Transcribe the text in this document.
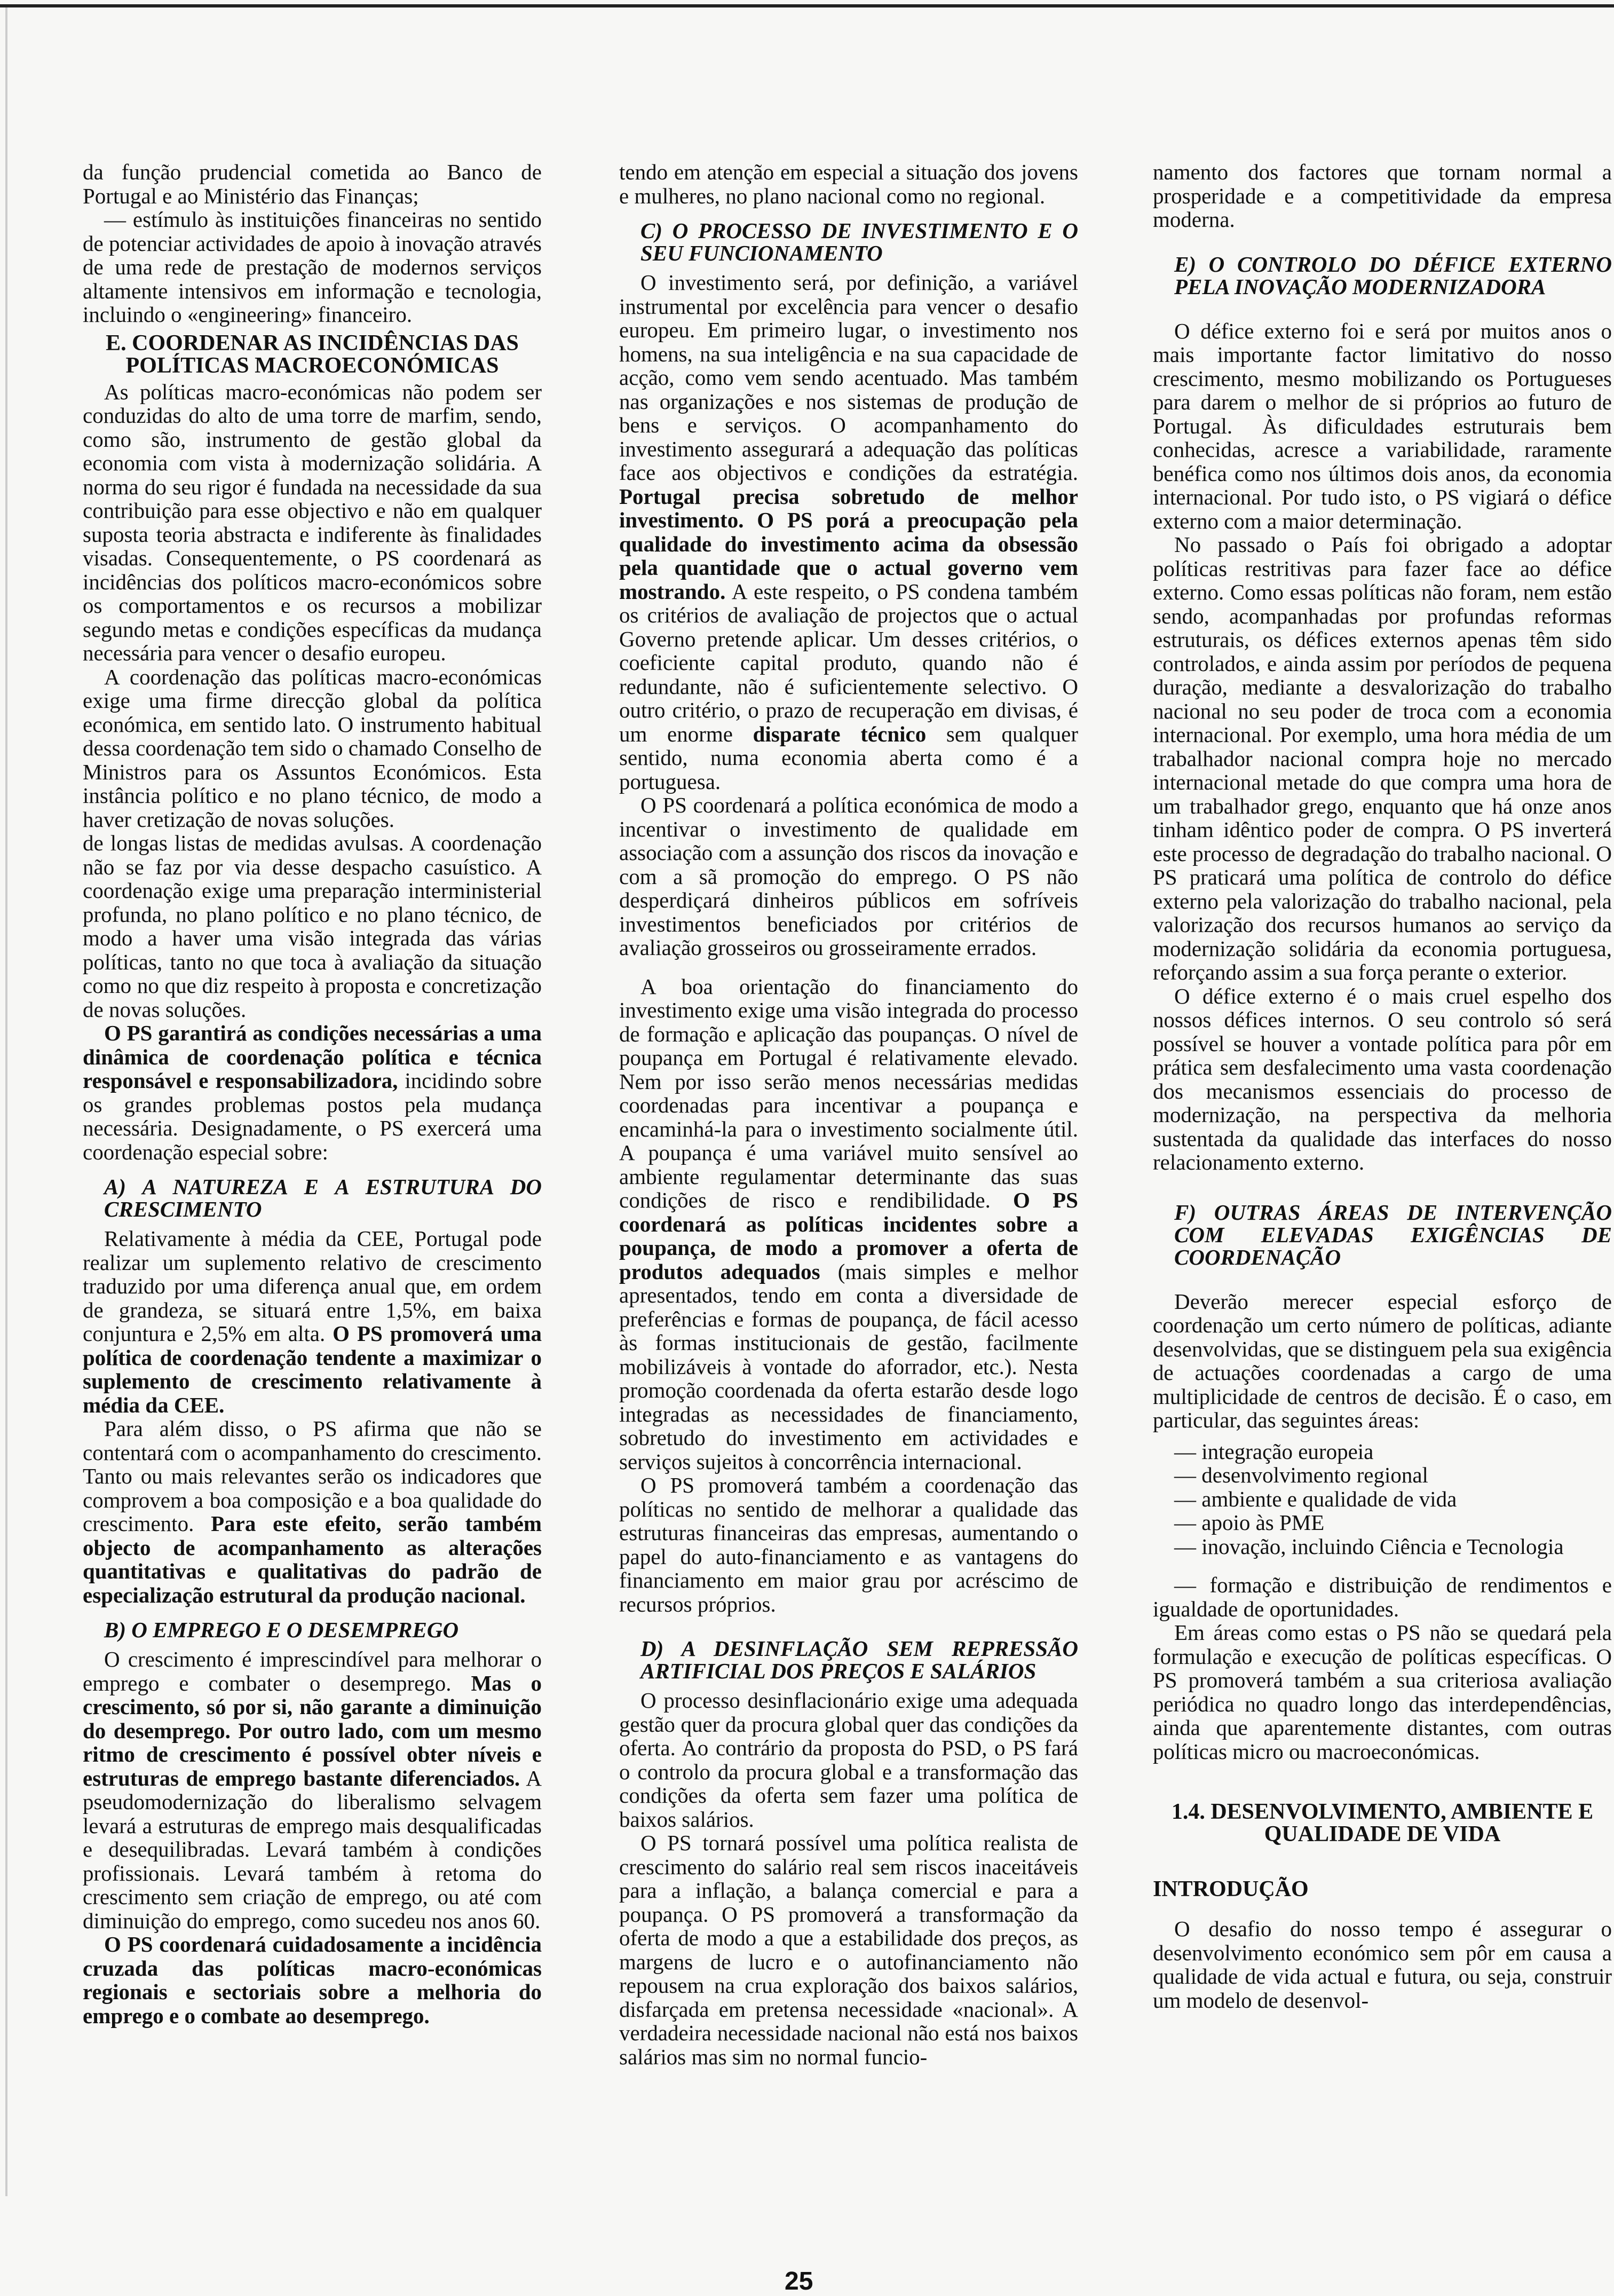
da função prudencial cometida ao Banco de Portugal e ao Ministério das Finanças;

— estímulo às instituições financeiras no sentido de potenciar actividades de apoio à inovação através de uma rede de prestação de modernos serviços altamente intensivos em informação e tecnologia, incluindo o «engineering» financeiro.

E. COORDENAR AS INCIDÊNCIAS DAS POLÍTICAS MACROECONÓMICAS

As políticas macro-económicas não podem ser conduzidas do alto de uma torre de marfim, sendo, como são, instrumento de gestão global da economia com vista à modernização solidária. A norma do seu rigor é fundada na necessidade da sua contribuição para esse objectivo e não em qualquer suposta teoria abstracta e indiferente às finalidades visadas. Consequentemente, o PS coordenará as incidências dos políticos macro-económicos sobre os comportamentos e os recursos a mobilizar segundo metas e condições específicas da mudança necessária para vencer o desafio europeu.

A coordenação das políticas macro-económicas exige uma firme direcção global da política económica, em sentido lato. O instrumento habitual dessa coordenação tem sido o chamado Conselho de Ministros para os Assuntos Económicos. Esta instância político e no plano técnico, de modo a haver cretização de novas soluções.

de longas listas de medidas avulsas. A coordenação não se faz por via desse despacho casuístico. A coordenação exige uma preparação interministerial profunda, no plano político e no plano técnico, de modo a haver uma visão integrada das várias políticas, tanto no que toca à avaliação da situação como no que diz respeito à proposta e concretização de novas soluções.

O PS garantirá as condições necessárias a uma dinâmica de coordenação política e técnica responsável e responsabilizadora, incidindo sobre os grandes problemas postos pela mudança necessária. Designadamente, o PS exercerá uma coordenação especial sobre:

A) A NATUREZA E A ESTRUTURA DO CRESCIMENTO

Relativamente à média da CEE, Portugal pode realizar um suplemento relativo de crescimento traduzido por uma diferença anual que, em ordem de grandeza, se situará entre 1,5%, em baixa conjuntura e 2,5% em alta. O PS promoverá uma política de coordenação tendente a maximizar o suplemento de crescimento relativamente à média da CEE.

Para além disso, o PS afirma que não se contentará com o acompanhamento do crescimento. Tanto ou mais relevantes serão os indicadores que comprovem a boa composição e a boa qualidade do crescimento. Para este efeito, serão também objecto de acompanhamento as alterações quantitativas e qualitativas do padrão de especialização estrutural da produção nacional.

B) O EMPREGO E O DESEMPREGO

O crescimento é imprescindível para melhorar o emprego e combater o desemprego. Mas o crescimento, só por si, não garante a diminuição do desemprego. Por outro lado, com um mesmo ritmo de crescimento é possível obter níveis e estruturas de emprego bastante diferenciados. A pseudomodernização do liberalismo selvagem levará a estruturas de emprego mais desqualificadas e desequilibradas. Levará também à condições profissionais. Levará também à retoma do crescimento sem criação de emprego, ou até com diminuição do emprego, como sucedeu nos anos 60.

O PS coordenará cuidadosamente a incidência cruzada das políticas macro-económicas regionais e sectoriais sobre a melhoria do emprego e o combate ao desemprego.

tendo em atenção em especial a situação dos jovens e mulheres, no plano nacional como no regional.

C) O PROCESSO DE INVESTIMENTO E O SEU FUNCIONAMENTO

O investimento será, por definição, a variável instrumental por excelência para vencer o desafio europeu. Em primeiro lugar, o investimento nos homens, na sua inteligência e na sua capacidade de acção, como vem sendo acentuado. Mas também nas organizações e nos sistemas de produção de bens e serviços. O acompanhamento do investimento assegurará a adequação das políticas face aos objectivos e condições da estratégia. Portugal precisa sobretudo de melhor investimento. O PS porá a preocupação pela qualidade do investimento acima da obsessão pela quantidade que o actual governo vem mostrando. A este respeito, o PS condena também os critérios de avaliação de projectos que o actual Governo pretende aplicar. Um desses critérios, o coeficiente capital produto, quando não é redundante, não é suficientemente selectivo. O outro critério, o prazo de recuperação em divisas, é um enorme disparate técnico sem qualquer sentido, numa economia aberta como é a portuguesa.

O PS coordenará a política económica de modo a incentivar o investimento de qualidade em associação com a assunção dos riscos da inovação e com a sã promoção do emprego. O PS não desperdiçará dinheiros públicos em sofríveis investimentos beneficiados por critérios de avaliação grosseiros ou grosseiramente errados.

A boa orientação do financiamento do investimento exige uma visão integrada do processo de formação e aplicação das poupanças. O nível de poupança em Portugal é relativamente elevado. Nem por isso serão menos necessárias medidas coordenadas para incentivar a poupança e encaminhá-la para o investimento socialmente útil. A poupança é uma variável muito sensível ao ambiente regulamentar determinante das suas condições de risco e rendibilidade. O PS coordenará as políticas incidentes sobre a poupança, de modo a promover a oferta de produtos adequados (mais simples e melhor apresentados, tendo em conta a diversidade de preferências e formas de poupança, de fácil acesso às formas institucionais de gestão, facilmente mobilizáveis à vontade do aforrador, etc.). Nesta promoção coordenada da oferta estarão desde logo integradas as necessidades de financiamento, sobretudo do investimento em actividades e serviços sujeitos à concorrência internacional.

O PS promoverá também a coordenação das políticas no sentido de melhorar a qualidade das estruturas financeiras das empresas, aumentando o papel do auto-financiamento e as vantagens do financiamento em maior grau por acréscimo de recursos próprios.

D) A DESINFLAÇÃO SEM REPRESSÃO ARTIFICIAL DOS PREÇOS E SALÁRIOS

O processo desinflacionário exige uma adequada gestão quer da procura global quer das condições da oferta. Ao contrário da proposta do PSD, o PS fará o controlo da procura global e a transformação das condições da oferta sem fazer uma política de baixos salários.

O PS tornará possível uma política realista de crescimento do salário real sem riscos inaceitáveis para a inflação, a balança comercial e para a poupança. O PS promoverá a transformação da oferta de modo a que a estabilidade dos preços, as margens de lucro e o autofinanciamento não repousem na crua exploração dos baixos salários, disfarçada em pretensa necessidade «nacional». A verdadeira necessidade nacional não está nos baixos salários mas sim no normal funcio-

namento dos factores que tornam normal a prosperidade e a competitividade da empresa moderna.

E) O CONTROLO DO DÉFICE EXTERNO PELA INOVAÇÃO MODERNIZADORA

O défice externo foi e será por muitos anos o mais importante factor limitativo do nosso crescimento, mesmo mobilizando os Portugueses para darem o melhor de si próprios ao futuro de Portugal. Às dificuldades estruturais bem conhecidas, acresce a variabilidade, raramente benéfica como nos últimos dois anos, da economia internacional. Por tudo isto, o PS vigiará o défice externo com a maior determinação.

No passado o País foi obrigado a adoptar políticas restritivas para fazer face ao défice externo. Como essas políticas não foram, nem estão sendo, acompanhadas por profundas reformas estruturais, os défices externos apenas têm sido controlados, e ainda assim por períodos de pequena duração, mediante a desvalorização do trabalho nacional no seu poder de troca com a economia internacional. Por exemplo, uma hora média de um trabalhador nacional compra hoje no mercado internacional metade do que compra uma hora de um trabalhador grego, enquanto que há onze anos tinham idêntico poder de compra. O PS inverterá este processo de degradação do trabalho nacional. O PS praticará uma política de controlo do défice externo pela valorização do trabalho nacional, pela valorização dos recursos humanos ao serviço da modernização solidária da economia portuguesa, reforçando assim a sua força perante o exterior.

O défice externo é o mais cruel espelho dos nossos défices internos. O seu controlo só será possível se houver a vontade política para pôr em prática sem desfalecimento uma vasta coordenação dos mecanismos essenciais do processo de modernização, na perspectiva da melhoria sustentada da qualidade das interfaces do nosso relacionamento externo.

F) OUTRAS ÁREAS DE INTERVENÇÃO COM ELEVADAS EXIGÊNCIAS DE COORDENAÇÃO

Deverão merecer especial esforço de coordenação um certo número de políticas, adiante desenvolvidas, que se distinguem pela sua exigência de actuações coordenadas a cargo de uma multiplicidade de centros de decisão. É o caso, em particular, das seguintes áreas:

— integração europeia
— desenvolvimento regional
— ambiente e qualidade de vida
— apoio às PME
— inovação, incluindo Ciência e Tecnologia

— formação e distribuição de rendimentos e igualdade de oportunidades.

Em áreas como estas o PS não se quedará pela formulação e execução de políticas específicas. O PS promoverá também a sua criteriosa avaliação periódica no quadro longo das interdependências, ainda que aparentemente distantes, com outras políticas micro ou macroeconómicas.

1.4. DESENVOLVIMENTO, AMBIENTE E QUALIDADE DE VIDA
INTRODUÇÃO

O desafio do nosso tempo é assegurar o desenvolvimento económico sem pôr em causa a qualidade de vida actual e futura, ou seja, construir um modelo de desenvol-

25
